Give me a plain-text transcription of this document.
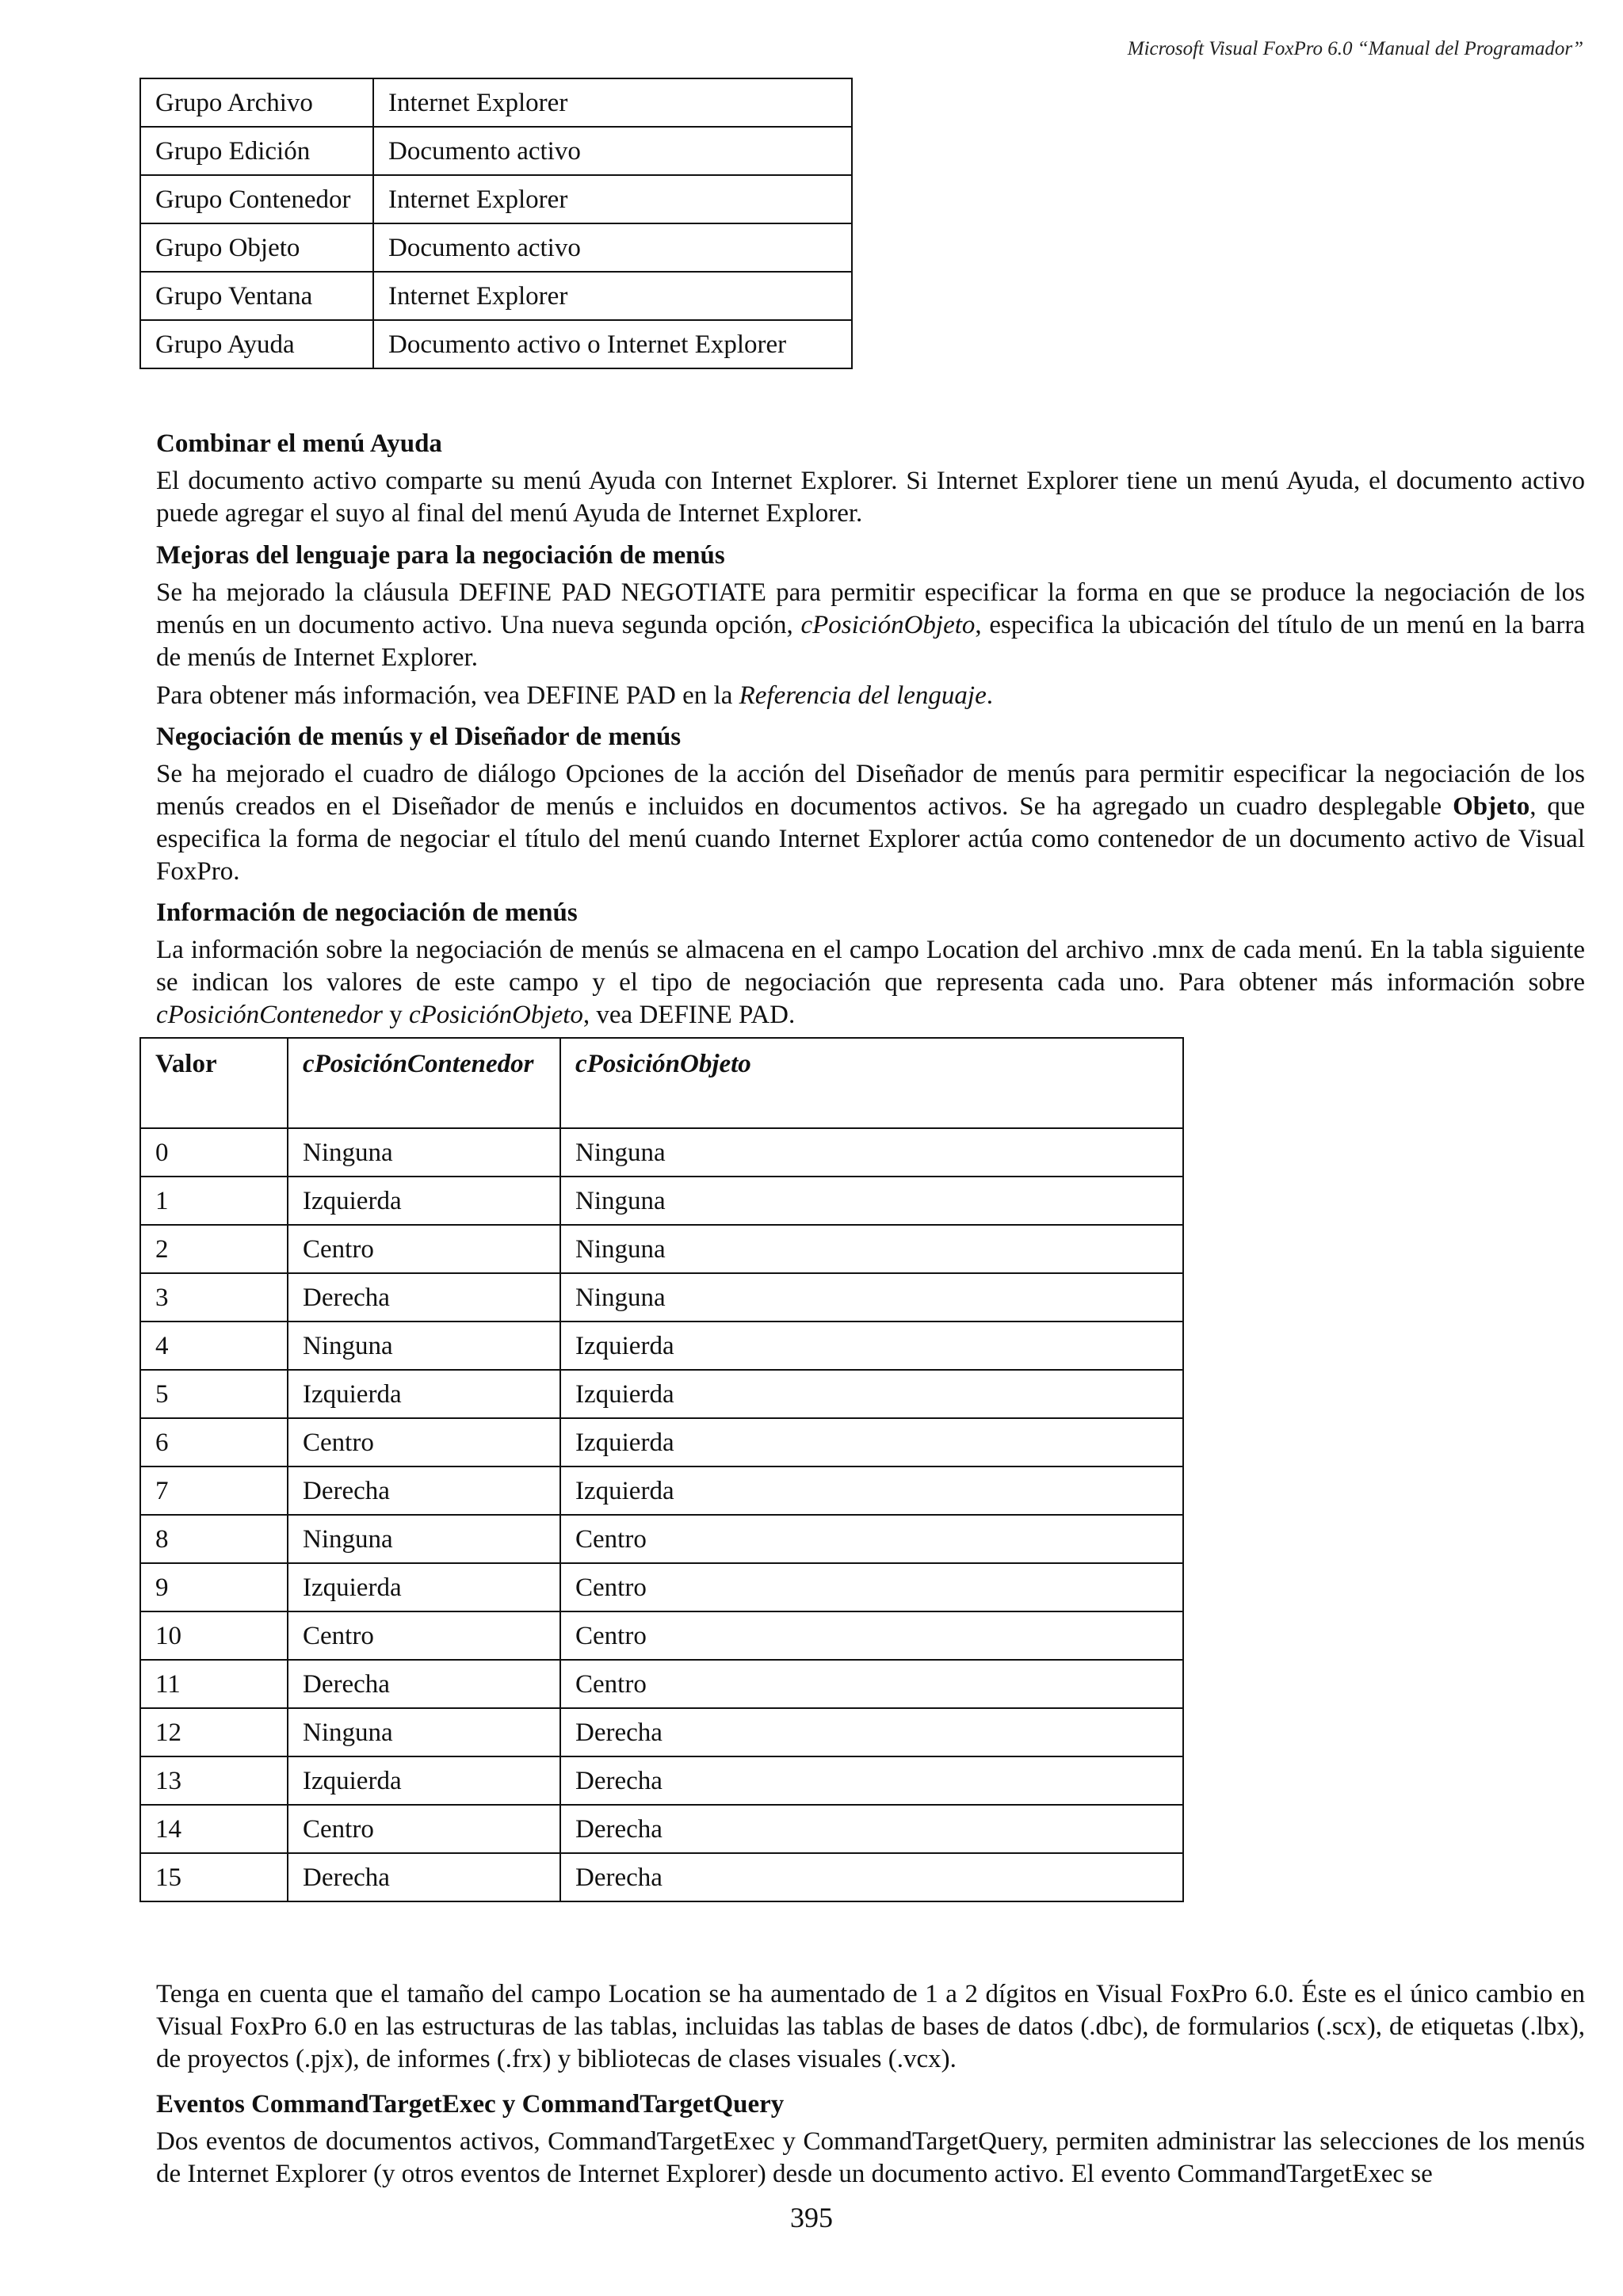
Microsoft Visual FoxPro 6.0 “Manual del Programador”
Grupo Archivo	Internet Explorer
Grupo Edición	Documento activo
Grupo Contenedor	Internet Explorer
Grupo Objeto	Documento activo
Grupo Ventana	Internet Explorer
Grupo Ayuda	Documento activo o Internet Explorer

Combinar el menú Ayuda

El documento activo comparte su menú Ayuda con Internet Explorer. Si Internet Explorer tiene un menú Ayuda, el documento activo puede agregar el suyo al final del menú Ayuda de Internet Explorer.

Mejoras del lenguaje para la negociación de menús

Se ha mejorado la cláusula DEFINE PAD NEGOTIATE para permitir especificar la forma en que se produce la negociación de los menús en un documento activo. Una nueva segunda opción, cPosiciónObjeto, especifica la ubicación del título de un menú en la barra de menús de Internet Explorer.

Para obtener más información, vea DEFINE PAD en la Referencia del lenguaje.

Negociación de menús y el Diseñador de menús

Se ha mejorado el cuadro de diálogo Opciones de la acción del Diseñador de menús para permitir especificar la negociación de los menús creados en el Diseñador de menús e incluidos en documentos activos. Se ha agregado un cuadro desplegable Objeto, que especifica la forma de negociar el título del menú cuando Internet Explorer actúa como contenedor de un documento activo de Visual FoxPro.

Información de negociación de menús

La información sobre la negociación de menús se almacena en el campo Location del archivo .mnx de cada menú. En la tabla siguiente se indican los valores de este campo y el tipo de negociación que representa cada uno. Para obtener más información sobre cPosiciónContenedor y cPosiciónObjeto, vea DEFINE PAD.

Valor	cPosiciónContenedor	cPosiciónObjeto
0	Ninguna	Ninguna
1	Izquierda	Ninguna
2	Centro	Ninguna
3	Derecha	Ninguna
4	Ninguna	Izquierda
5	Izquierda	Izquierda
6	Centro	Izquierda
7	Derecha	Izquierda
8	Ninguna	Centro
9	Izquierda	Centro
10	Centro	Centro
11	Derecha	Centro
12	Ninguna	Derecha
13	Izquierda	Derecha
14	Centro	Derecha
15	Derecha	Derecha

Tenga en cuenta que el tamaño del campo Location se ha aumentado de 1 a 2 dígitos en Visual FoxPro 6.0. Éste es el único cambio en Visual FoxPro 6.0 en las estructuras de las tablas, incluidas las tablas de bases de datos (.dbc), de formularios (.scx), de etiquetas (.lbx), de proyectos (.pjx), de informes (.frx) y bibliotecas de clases visuales (.vcx).

Eventos CommandTargetExec y CommandTargetQuery

Dos eventos de documentos activos, CommandTargetExec y CommandTargetQuery, permiten administrar las selecciones de los menús de Internet Explorer (y otros eventos de Internet Explorer) desde un documento activo. El evento CommandTargetExec se

395
